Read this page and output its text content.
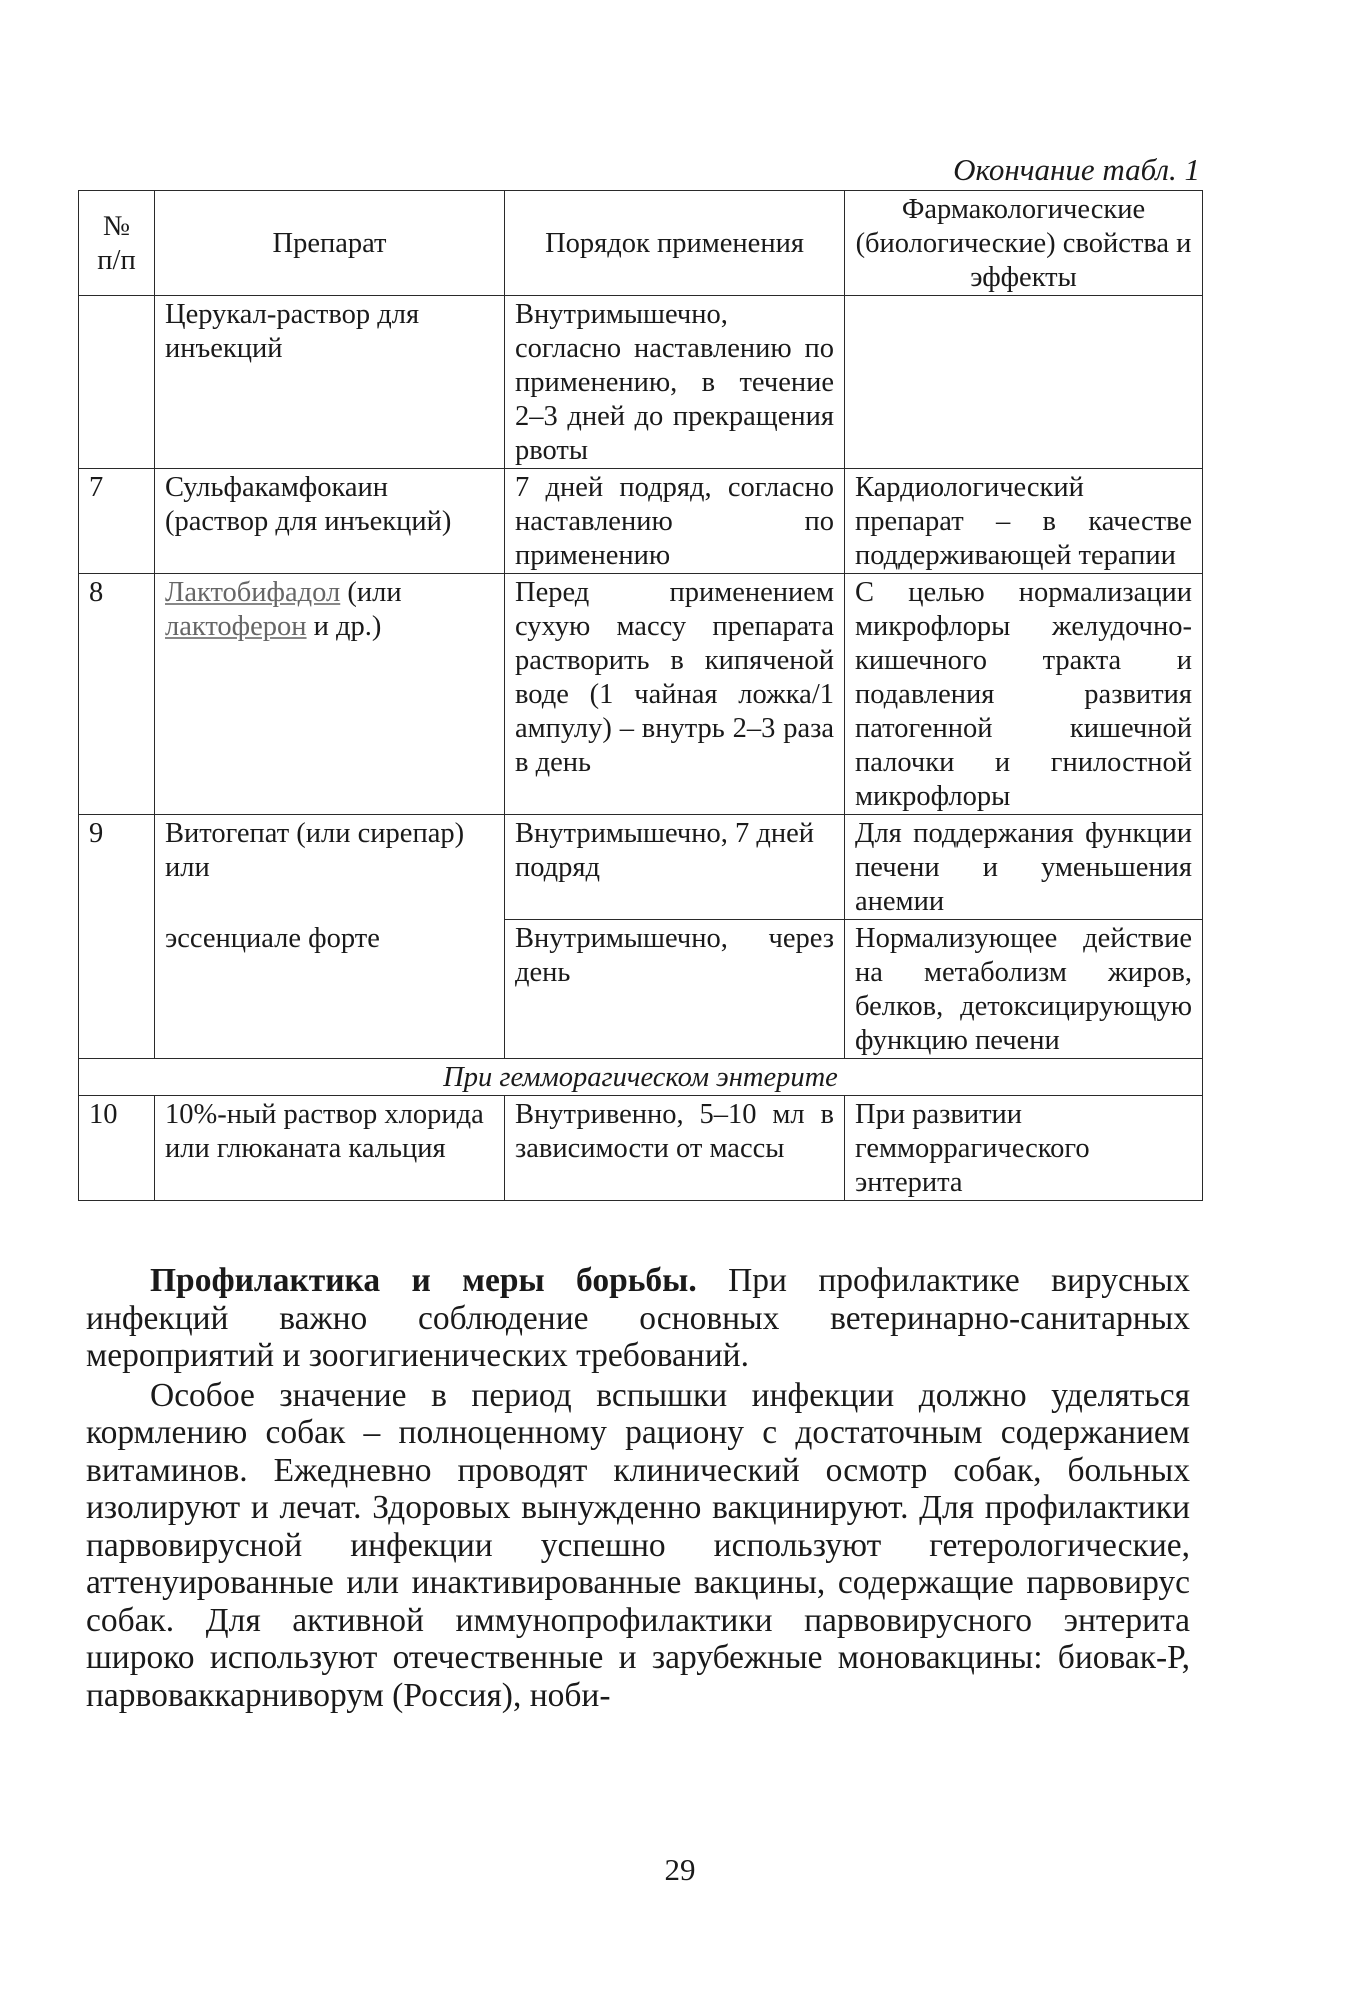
Окончание табл. 1
№ п/п	Препарат	Порядок применения	Фармакологические (биологические) свойства и эффекты
	Церукал-раствор для инъекций	Внутримышечно, согласно наставлению по применению, в течение 2–3 дней до прекращения рвоты	
7	Сульфакамфокаин (раствор для инъекций)	7 дней подряд, согласно наставлению по применению	Кардиологический препарат – в качестве поддерживающей терапии
8	Лактобифадол (или лактоферон и др.)	Перед применением сухую массу препарата растворить в кипяченой воде (1 чайная ложка/1 ампулу) – внутрь 2–3 раза в день	С целью нормализации микрофлоры желудочно-кишечного тракта и подавления развития патогенной кишечной палочки и гнилостной микрофлоры
9	Витогепат (или сирепар) или	Внутримышечно, 7 дней подряд	Для поддержания функции печени и уменьшения анемии
	эссенциале форте	Внутримышечно, через день	Нормализующее действие на метаболизм жиров, белков, детоксицирующую функцию печени
При гемморагическом энтерите			
10	10%-ный раствор хлорида или глюканата кальция	Внутривенно, 5–10 мл в зависимости от массы	При развитии гемморрагического энтерита

Профилактика и меры борьбы. При профилактике вирусных инфекций важно соблюдение основных ветеринарно-санитарных мероприятий и зоогигиенических требований.

Особое значение в период вспышки инфекции должно уделяться кормлению собак – полноценному рациону с достаточным содержанием витаминов. Ежедневно проводят клинический осмотр собак, больных изолируют и лечат. Здоровых вынужденно вакцинируют. Для профилактики парвовирусной инфекции успешно используют гетерологические, аттенуированные или инактивированные вакцины, содержащие парвовирус собак. Для активной иммунопрофилактики парвовирусного энтерита широко используют отечественные и зарубежные моновакцины: биовак-Р, парвоваккарниворум (Россия), ноби-

29
